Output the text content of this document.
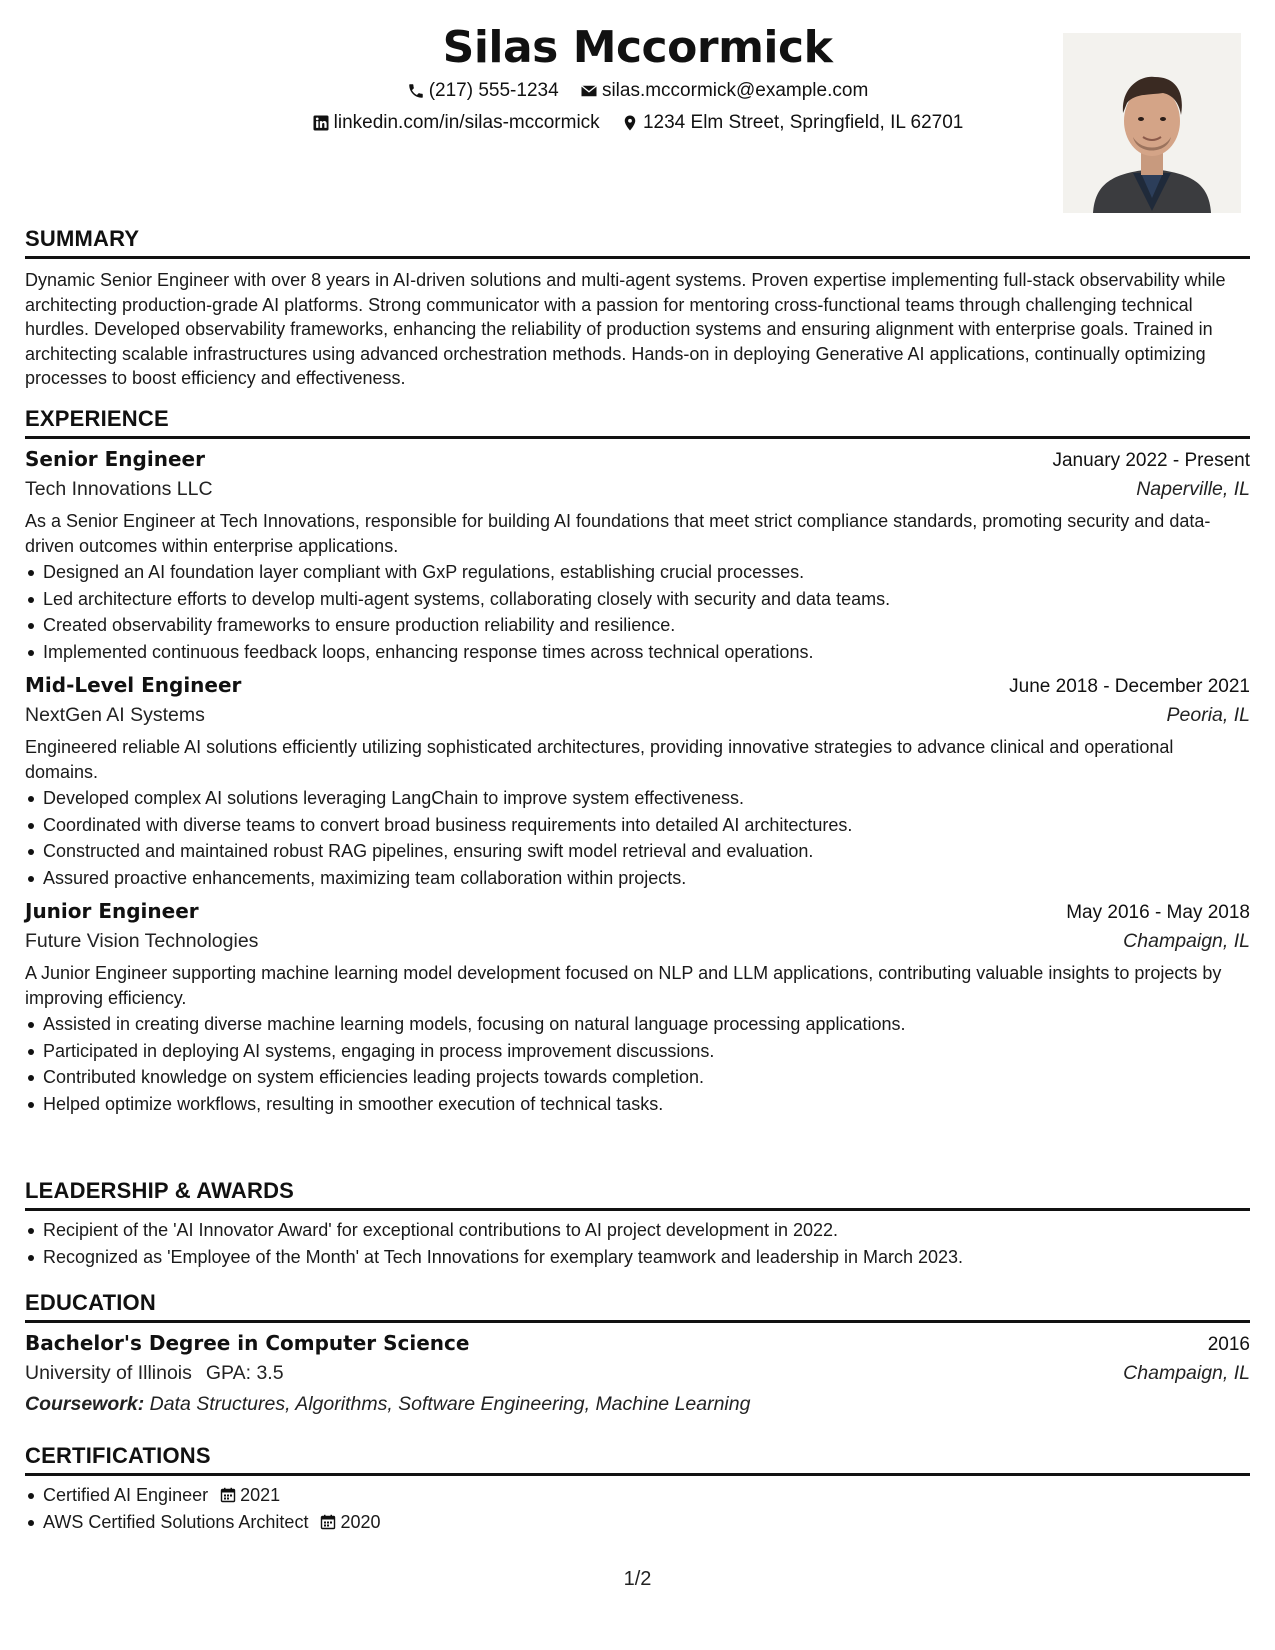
Silas Mccormick
(217) 555-1234
silas.mccormick@example.com
linkedin.com/in/silas-mccormick
1234 Elm Street, Springfield, IL 62701
SUMMARY
Dynamic Senior Engineer with over 8 years in AI-driven solutions and multi-agent systems. Proven expertise implementing full-stack observability while architecting production-grade AI platforms. Strong communicator with a passion for mentoring cross-functional teams through challenging technical hurdles. Developed observability frameworks, enhancing the reliability of production systems and ensuring alignment with enterprise goals. Trained in architecting scalable infrastructures using advanced orchestration methods. Hands-on in deploying Generative AI applications, continually optimizing processes to boost efficiency and effectiveness.
EXPERIENCE
Senior Engineer	January 2022 - Present
Tech Innovations LLC	Naperville, IL
As a Senior Engineer at Tech Innovations, responsible for building AI foundations that meet strict compliance standards, promoting security and data-driven outcomes within enterprise applications.
Designed an AI foundation layer compliant with GxP regulations, establishing crucial processes.
Led architecture efforts to develop multi-agent systems, collaborating closely with security and data teams.
Created observability frameworks to ensure production reliability and resilience.
Implemented continuous feedback loops, enhancing response times across technical operations.
Mid-Level Engineer	June 2018 - December 2021
NextGen AI Systems	Peoria, IL
Engineered reliable AI solutions efficiently utilizing sophisticated architectures, providing innovative strategies to advance clinical and operational domains.
Developed complex AI solutions leveraging LangChain to improve system effectiveness.
Coordinated with diverse teams to convert broad business requirements into detailed AI architectures.
Constructed and maintained robust RAG pipelines, ensuring swift model retrieval and evaluation.
Assured proactive enhancements, maximizing team collaboration within projects.
Junior Engineer	May 2016 - May 2018
Future Vision Technologies	Champaign, IL
A Junior Engineer supporting machine learning model development focused on NLP and LLM applications, contributing valuable insights to projects by improving efficiency.
Assisted in creating diverse machine learning models, focusing on natural language processing applications.
Participated in deploying AI systems, engaging in process improvement discussions.
Contributed knowledge on system efficiencies leading projects towards completion.
Helped optimize workflows, resulting in smoother execution of technical tasks.
LEADERSHIP & AWARDS
Recipient of the 'AI Innovator Award' for exceptional contributions to AI project development in 2022.
Recognized as 'Employee of the Month' at Tech Innovations for exemplary teamwork and leadership in March 2023.
EDUCATION
Bachelor's Degree in Computer Science	2016
University of Illinois GPA: 3.5	Champaign, IL
Coursework: Data Structures, Algorithms, Software Engineering, Machine Learning
CERTIFICATIONS
Certified AI Engineer 2021
AWS Certified Solutions Architect 2020
1/2
